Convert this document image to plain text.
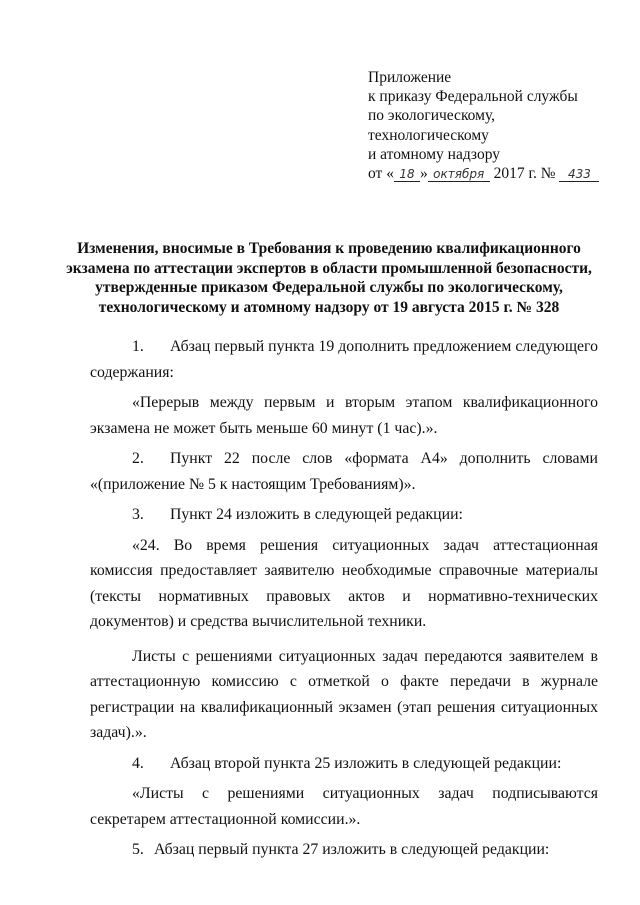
Приложение
к приказу Федеральной службы
по экологическому,
технологическому
и атомному надзору
от « 18 » октября 2017 г. № 433
Изменения, вносимые в Требования к проведению квалификационного экзамена по аттестации экспертов в области промышленной безопасности, утвержденные приказом Федеральной службы по экологическому, технологическому и атомному надзору от 19 августа 2015 г. № 328

1. Абзац первый пункта 19 дополнить предложением следующего содержания:

«Перерыв между первым и вторым этапом квалификационного экзамена не может быть меньше 60 минут (1 час).».

2. Пункт 22 после слов «формата А4» дополнить словами «(приложение № 5 к настоящим Требованиям)».

3. Пункт 24 изложить в следующей редакции:

«24. Во время решения ситуационных задач аттестационная комиссия предоставляет заявителю необходимые справочные материалы (тексты нормативных правовых актов и нормативно-технических документов) и средства вычислительной техники.

Листы с решениями ситуационных задач передаются заявителем в аттестационную комиссию с отметкой о факте передачи в журнале регистрации на квалификационный экзамен (этап решения ситуационных задач).».

4. Абзац второй пункта 25 изложить в следующей редакции:

«Листы с решениями ситуационных задач подписываются секретарем аттестационной комиссии.».

5. Абзац первый пункта 27 изложить в следующей редакции:
